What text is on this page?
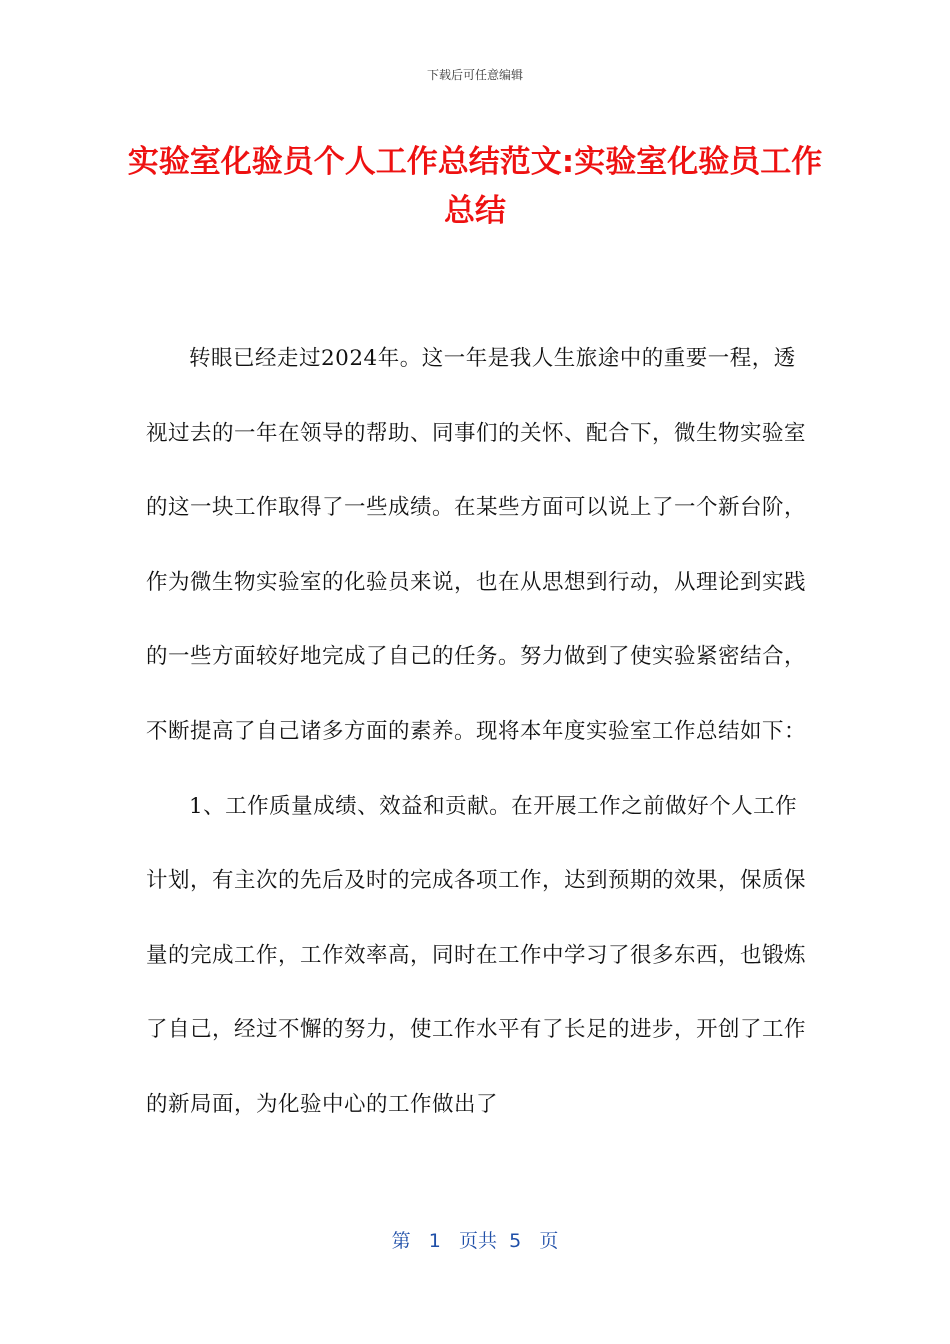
下载后可任意编辑
实验室化验员个人工作总结范文:实验室化验员工作总结

转眼已经走过2024年。这一年是我人生旅途中的重要一程，透视过去的一年在领导的帮助、同事们的关怀、配合下，微生物实验室的这一块工作取得了一些成绩。在某些方面可以说上了一个新台阶，作为微生物实验室的化验员来说，也在从思想到行动，从理论到实践的一些方面较好地完成了自己的任务。努力做到了使实验紧密结合，不断提高了自己诸多方面的素养。现将本年度实验室工作总结如下：

1、工作质量成绩、效益和贡献。在开展工作之前做好个人工作计划，有主次的先后及时的完成各项工作，达到预期的效果，保质保量的完成工作，工作效率高，同时在工作中学习了很多东西，也锻炼了自己，经过不懈的努力，使工作水平有了长足的进步，开创了工作的新局面，为化验中心的工作做出了

第 1 页共 5 页
